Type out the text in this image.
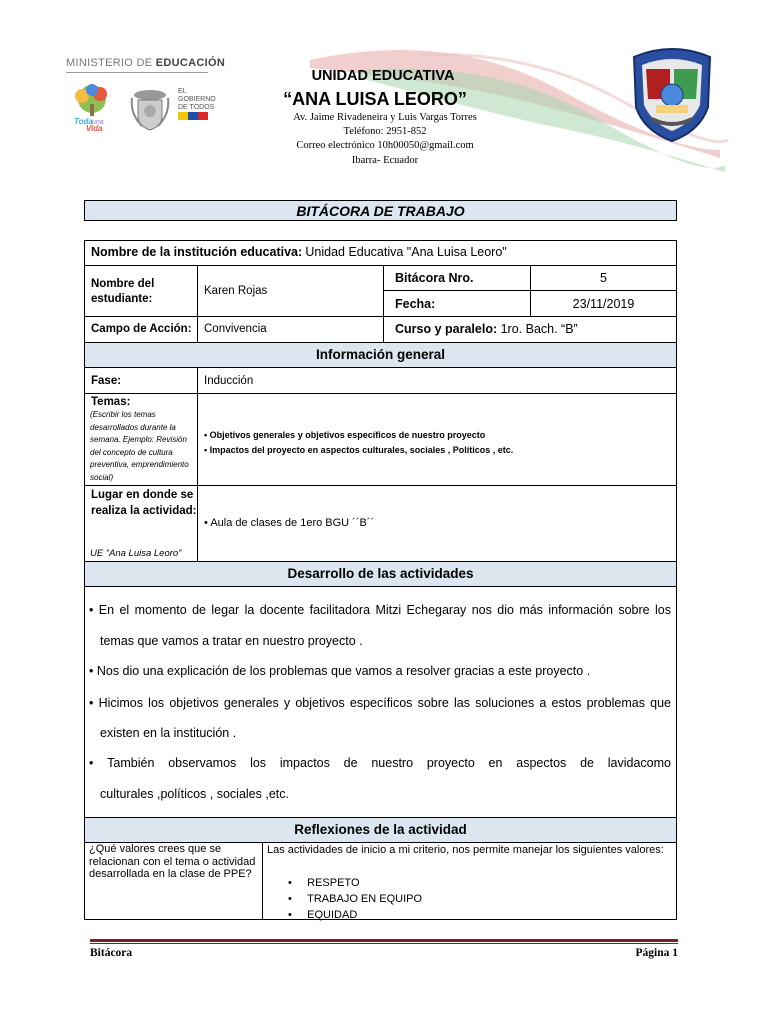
MINISTERIO DE EDUCACIÓN
Toda una
Vida
EL
GOBIERNO
DE TODOS
UNIDAD EDUCATIVA
“ANA LUISA LEORO”
Av. Jaime Rivadeneira y Luis Vargas Torres
Teléfono: 2951-852
Correo electrónico 10h00050@gmail.com
Ibarra- Ecuador
BITÁCORA DE TRABAJO
Nombre de la institución educativa: Unidad Educativa "Ana Luisa Leoro"
Nombre del estudiante:
Karen Rojas
Bitácora Nro.	5
Fecha:	23/11/2019
Campo de Acción: Convivencia	Curso y paralelo: 1ro. Bach. “B”
Información general
Fase:	Inducción
Temas:
(Escribir los temas desarrollados durante la semana. Ejemplo: Revisión del concepto de cultura preventiva, emprendimiento social)
• Objetivos generales y objetivos específicos de nuestro proyecto
• Impactos del proyecto en aspectos culturales, sociales , Políticos , etc.
Lugar en donde se realiza la actividad:
UE “Ana Luisa Leoro”
• Aula de clases de 1ero BGU ´´B´´
Desarrollo de las actividades
• En el momento de legar la docente facilitadora Mitzi Echegaray nos dio más información sobre los
temas que vamos a tratar en nuestro proyecto .
• Nos dio una explicación de los problemas que vamos a resolver gracias a este proyecto .
• Hicimos los objetivos generales y objetivos específicos sobre las soluciones a estos problemas que
existen en la institución .
• También observamos los impactos de nuestro proyecto en aspectos de lavidacomo
culturales ,políticos , sociales ,etc.
Reflexiones de la actividad
¿Qué valores crees que se relacionan con el tema o actividad desarrollada en la clase de PPE?
Las actividades de inicio a mi criterio, nos permite manejar los siguientes valores:
•     RESPETO
•     TRABAJO EN EQUIPO
•     EQUIDAD
Bitácora	Página 1
